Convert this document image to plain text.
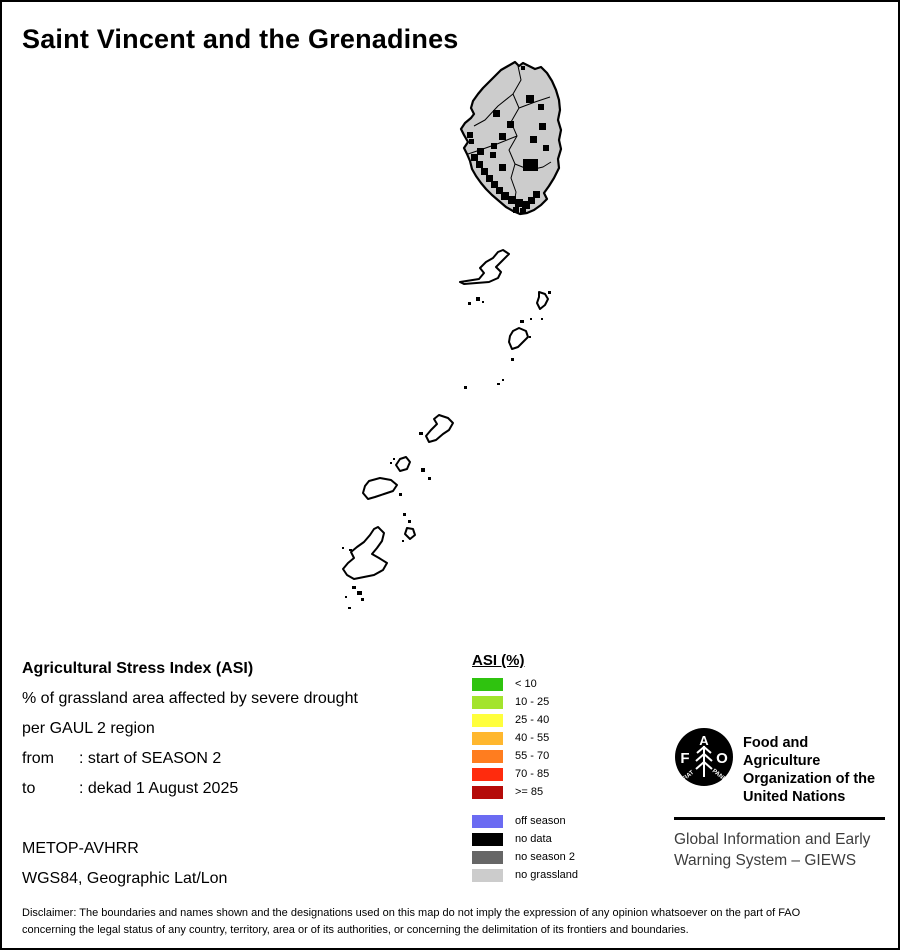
Saint Vincent and the Grenadines
Agricultural Stress Index (ASI)
% of grassland area affected by severe drought
per GAUL 2 region
from	: start of SEASON 2
to	: dekad 1 August 2025
METOP-AVHRR
WGS84, Geographic Lat/Lon
ASI (%)
< 10
10 - 25
25 - 40
40 - 55
55 - 70
70 - 85
>= 85
off season
no data
no season 2
no grassland
A
F O
FIAT	PANIS
Food and Agriculture
Organization of the
United Nations
Global Information and Early
Warning System – GIEWS
Disclaimer: The boundaries and names shown and the designations used on this map do not imply the expression of any opinion whatsoever on the part of FAO
concerning the legal status of any country, territory, area or of its authorities, or concerning the delimitation of its frontiers and boundaries.
